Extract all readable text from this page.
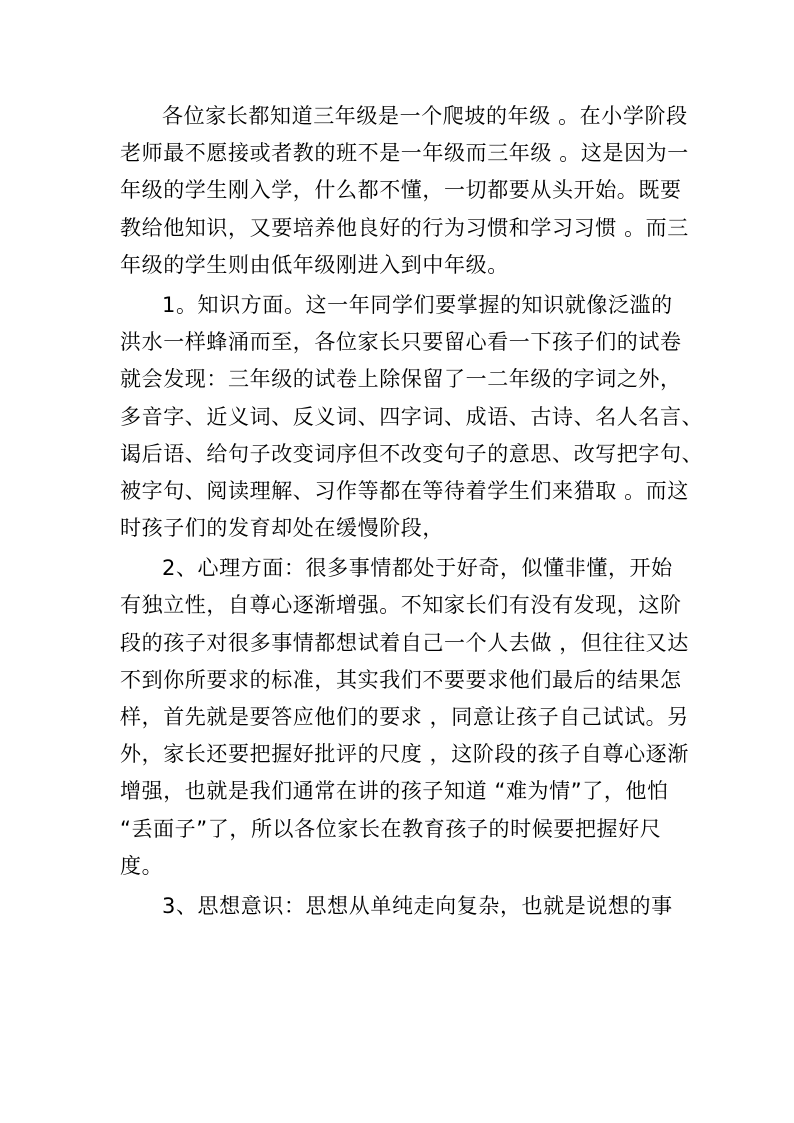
各位家长都知道三年级是一个爬坡的年级 。在小学阶段
老师最不愿接或者教的班不是一年级而三年级 。这是因为一
年级的学生刚入学，什么都不懂，一切都要从头开始。既要
教给他知识，又要培养他良好的行为习惯和学习习惯 。而三
年级的学生则由低年级刚进入到中年级。
1。知识方面。这一年同学们要掌握的知识就像泛滥的
洪水一样蜂涌而至，各位家长只要留心看一下孩子们的试卷
就会发现：三年级的试卷上除保留了一二年级的字词之外，
多音字、近义词、反义词、四字词、成语、古诗、名人名言、
谒后语、给句子改变词序但不改变句子的意思、改写把字句、
被字句、阅读理解、习作等都在等待着学生们来猎取 。而这
时孩子们的发育却处在缓慢阶段，
2、心理方面：很多事情都处于好奇，似懂非懂，开始
有独立性，自尊心逐渐增强。不知家长们有没有发现，这阶
段的孩子对很多事情都想试着自己一个人去做 ，但往往又达
不到你所要求的标准，其实我们不要要求他们最后的结果怎
样，首先就是要答应他们的要求 ，同意让孩子自己试试。另
外，家长还要把握好批评的尺度 ，这阶段的孩子自尊心逐渐
增强，也就是我们通常在讲的孩子知道 “难为情”了，他怕
“丢面子”了，所以各位家长在教育孩子的时候要把握好尺
度。
3、思想意识：思想从单纯走向复杂，也就是说想的事
